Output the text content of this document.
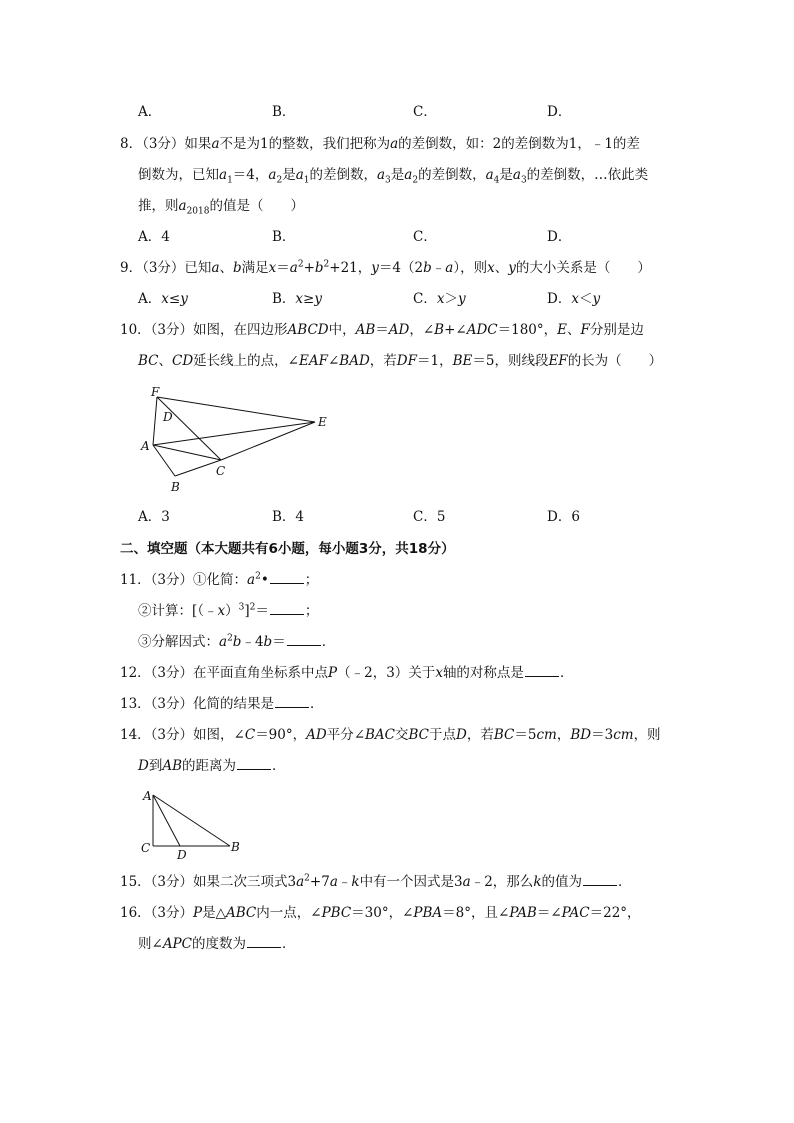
A．	B．	C．	D．
8．（3分）如果a不是为1的整数，我们把称为a的差倒数，如：2的差倒数为1，﹣1的差
倒数为，已知$a_1=4$，$a_2$是$a_1$的差倒数，$a_3$是$a_2$的差倒数，$a_4$是$a_3$的差倒数，…依此类
推，则$a_{2018}$的值是（　　）
A．4	B．	C．	D．
9．（3分）已知a、b满足$x=a^2+b^2+21$，y＝4（2b﹣a），则x、y的大小关系是（　　）
A．x≤y	B．x≥y	C．x＞y	D．x＜y
10．（3分）如图，在四边形ABCD中，AB＝AD，∠B+∠ADC＝180°，E、F分别是边
BC、CD延长线上的点，∠EAF∠BAD，若DF＝1，BE＝5，则线段EF的长为（　　）
F
D
A
E
C
B
A．3	B．4	C．5	D．6
二、填空题（本大题共有6小题，每小题3分，共18分）
11．（3分）①化简：$a^2•$	；
②计算：[（﹣x）$^3$]$^2$＝	；
③分解因式：$a^2b﹣4b=$	．
12．（3分）在平面直角坐标系中点P（﹣2，3）关于x轴的对称点是	．
13．（3分）化简的结果是	．
14．（3分）如图，∠C＝90°，AD平分∠BAC交BC于点D，若BC＝5cm，BD＝3cm，则
D到AB的距离为	．
A
C D
B
15．（3分）如果二次三项式$3a^2+7a﹣k$中有一个因式是3a﹣2，那么k的值为	．
16．（3分）P是△ABC内一点，∠PBC＝30°，∠PBA＝8°，且∠PAB＝∠PAC＝22°，
则∠APC的度数为	．
